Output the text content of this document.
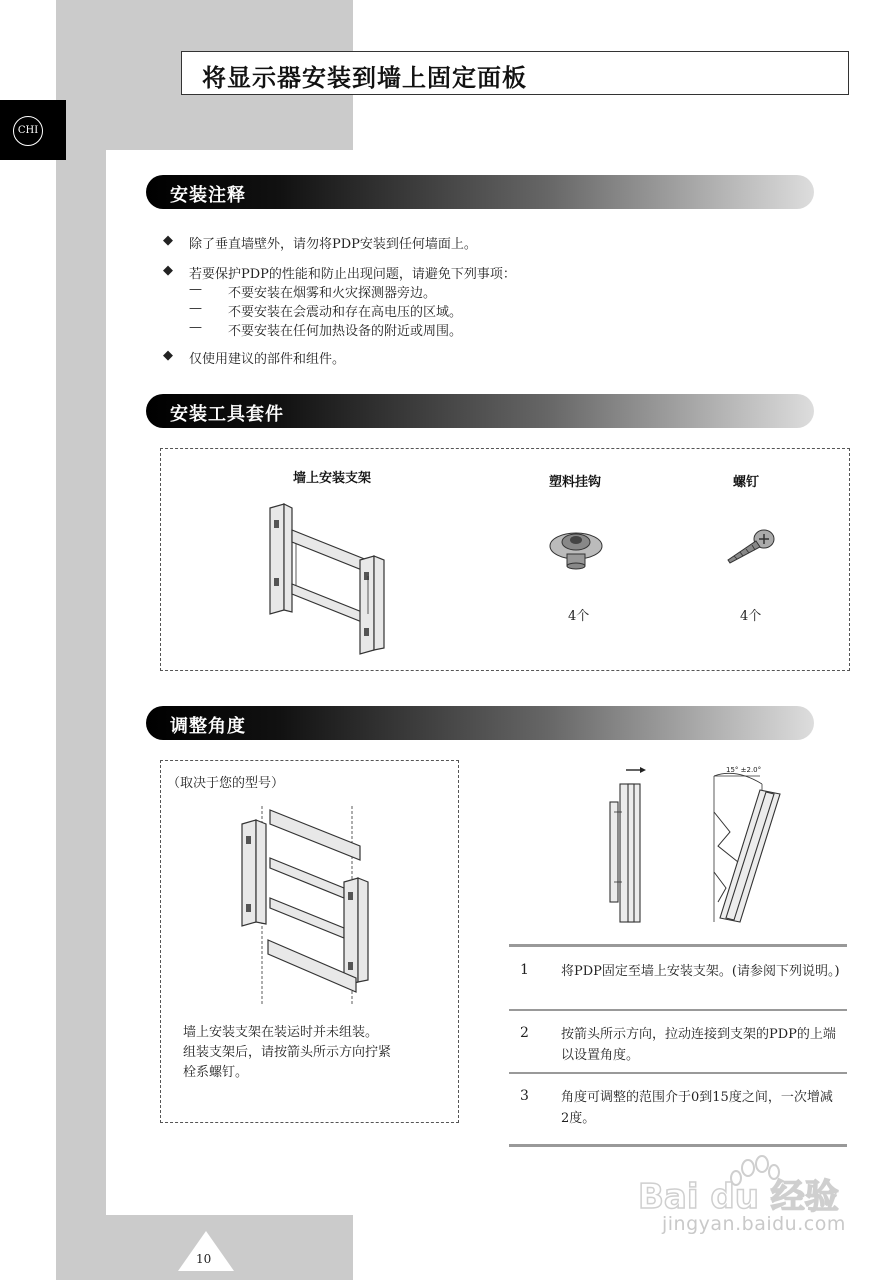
CHI
将显示器安装到墙上固定面板
安装注释
◆ 除了垂直墙壁外，请勿将PDP安装到任何墙面上。
◆ 若要保护PDP的性能和防止出现问题，请避免下列事项：
— 不要安装在烟雾和火灾探测器旁边。
— 不要安装在会震动和存在高电压的区域。
— 不要安装在任何加热设备的附近或周围。
◆ 仅使用建议的部件和组件。
安装工具套件
墙上安装支架	塑料挂钩	螺钉
4个	4个
调整角度
（取决于您的型号）
墙上安装支架在装运时并未组装。
组装支架后，请按箭头所示方向拧紧
栓系螺钉。
15° ±2.0°
1 将PDP固定至墙上安装支架。(请参阅下列说明。)
2 按箭头所示方向，拉动连接到支架的PDP的上端以设置角度。
3 角度可调整的范围介于0到15度之间，一次增减2度。
10
Bai du 经验
jingyan.baidu.com
